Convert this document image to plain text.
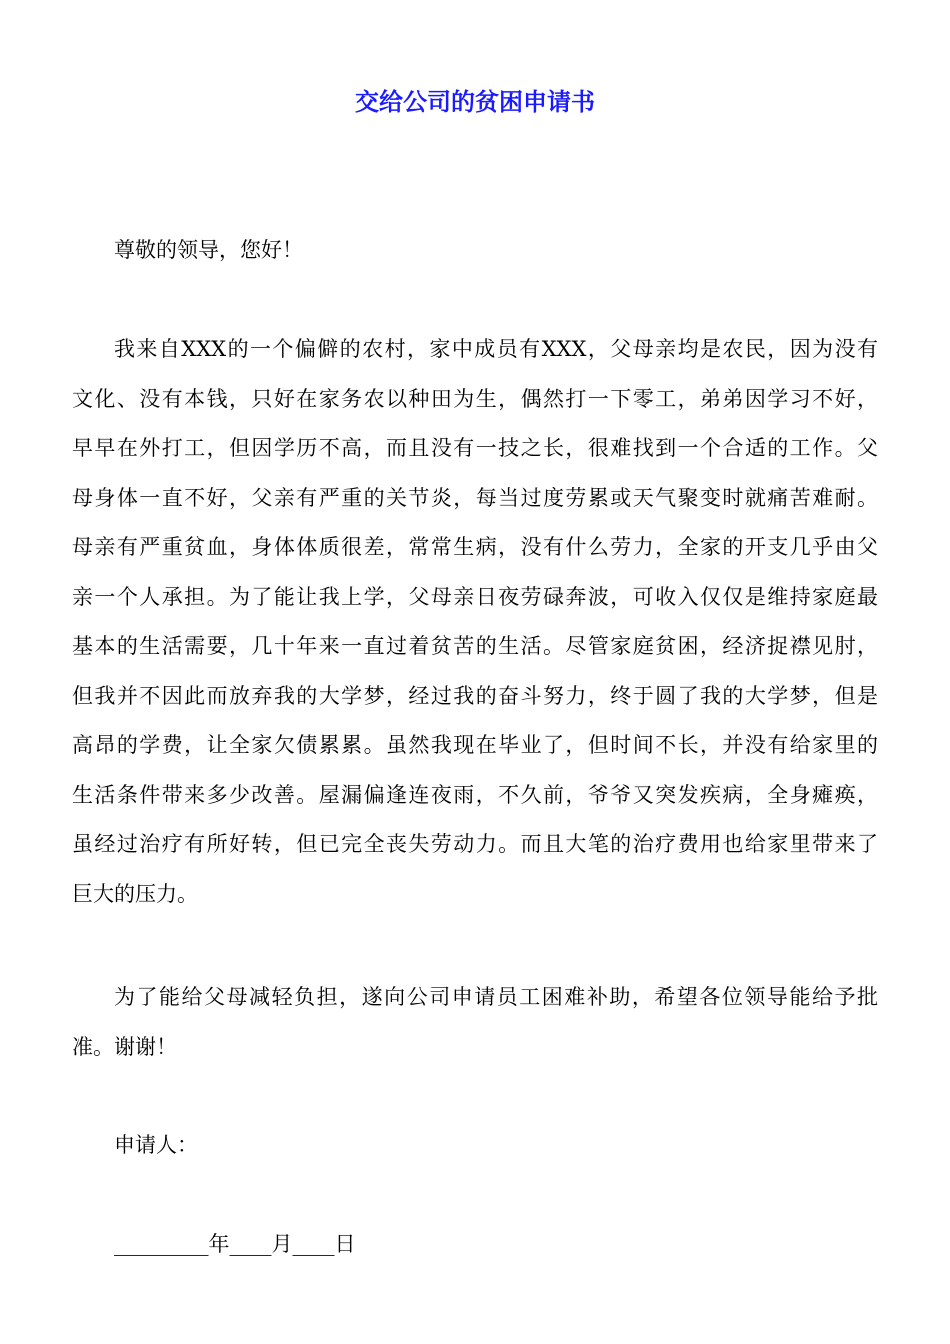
交给公司的贫困申请书

尊敬的领导，您好！

我来自XXX的一个偏僻的农村，家中成员有XXX，父母亲均是农民，因为没有
文化、没有本钱，只好在家务农以种田为生，偶然打一下零工，弟弟因学习不好，
早早在外打工，但因学历不高，而且没有一技之长，很难找到一个合适的工作。父
母身体一直不好，父亲有严重的关节炎，每当过度劳累或天气聚变时就痛苦难耐。
母亲有严重贫血，身体体质很差，常常生病，没有什么劳力，全家的开支几乎由父
亲一个人承担。为了能让我上学，父母亲日夜劳碌奔波，可收入仅仅是维持家庭最
基本的生活需要，几十年来一直过着贫苦的生活。尽管家庭贫困，经济捉襟见肘，
但我并不因此而放弃我的大学梦，经过我的奋斗努力，终于圆了我的大学梦，但是
高昂的学费，让全家欠债累累。虽然我现在毕业了，但时间不长，并没有给家里的
生活条件带来多少改善。屋漏偏逢连夜雨，不久前，爷爷又突发疾病，全身瘫痪，
虽经过治疗有所好转，但已完全丧失劳动力。而且大笔的治疗费用也给家里带来了
巨大的压力。

为了能给父母减轻负担，遂向公司申请员工困难补助，希望各位领导能给予批
准。谢谢！

申请人：

_________年____月____日
